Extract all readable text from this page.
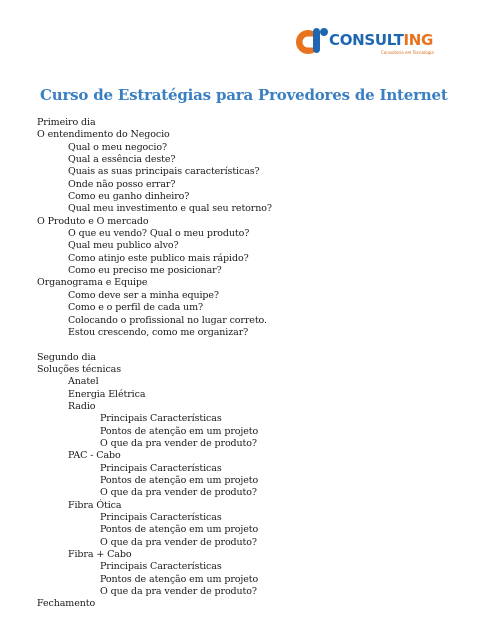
CONSULTING
Consultoria em Tecnologia
Curso de Estratégias para Provedores de Internet
Primeiro dia
O entendimento do Negocio
Qual o meu negocio?
Qual a essência deste?
Quais as suas principais características?
Onde não posso errar?
Como eu ganho dinheiro?
Qual meu investimento e qual seu retorno?
O Produto e O mercado
O que eu vendo? Qual o meu produto?
Qual meu publico alvo?
Como atinjo este publico mais rápido?
Como eu preciso me posicionar?
Organograma e Equipe
Como deve ser a minha equipe?
Como e o perfil de cada um?
Colocando o profissional no lugar correto.
Estou crescendo, como me organizar?
Segundo dia
Soluções técnicas
Anatel
Energia Elétrica
Radio
Principais Características
Pontos de atenção em um projeto
O que da pra vender de produto?
PAC - Cabo
Principais Características
Pontos de atenção em um projeto
O que da pra vender de produto?
Fibra Ótica
Principais Características
Pontos de atenção em um projeto
O que da pra vender de produto?
Fibra + Cabo
Principais Características
Pontos de atenção em um projeto
O que da pra vender de produto?
Fechamento
